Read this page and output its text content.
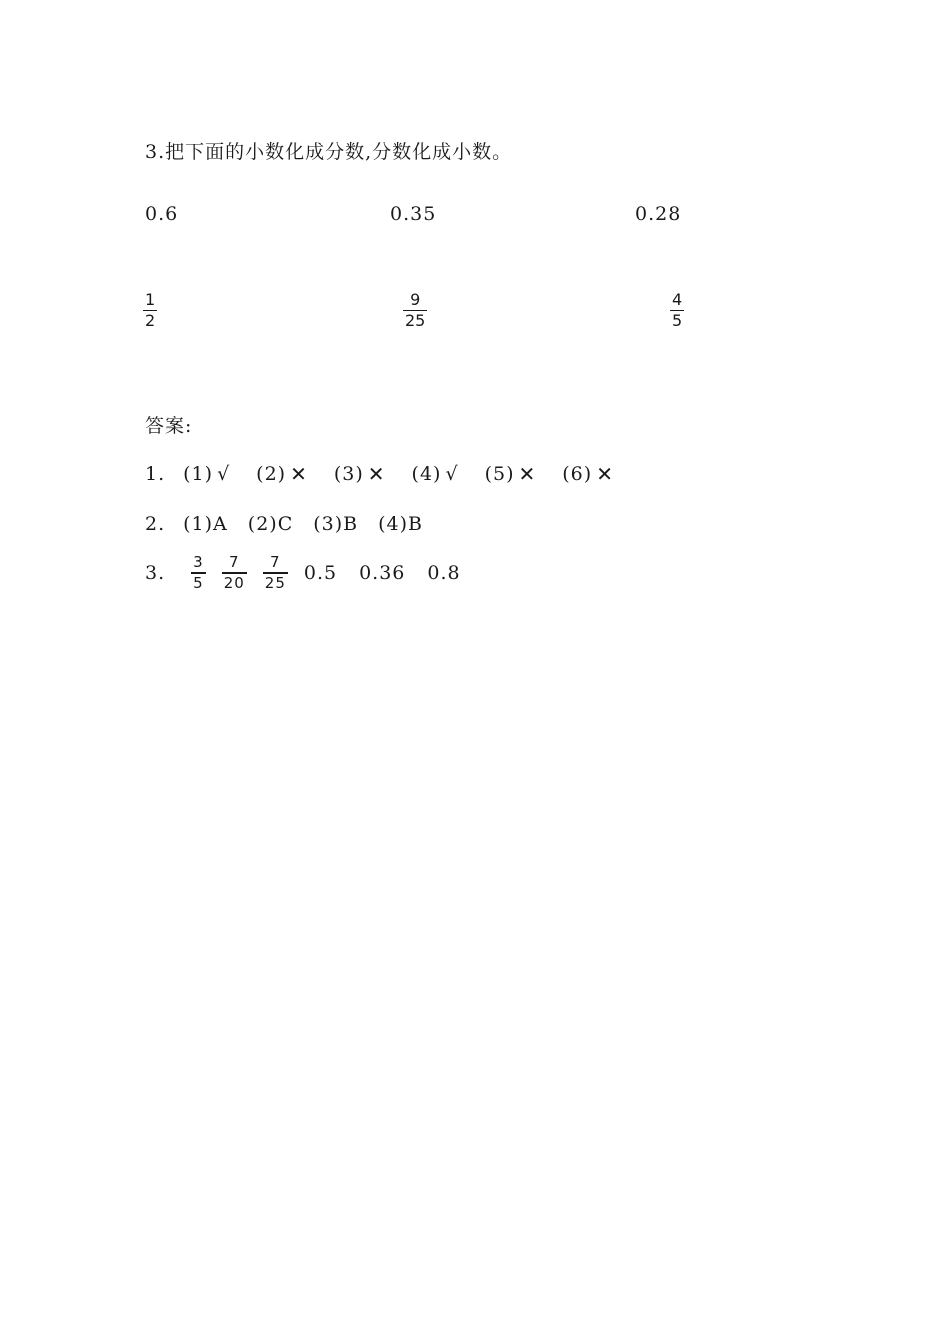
3.把下面的小数化成分数,分数化成小数。
0.6	0.35	0.28
1
2
9
25
4
5
答案:
1. (1) √ (2) ✕ (3) ✕ (4) √ (5) ✕ (6) ✕
2. (1)A (2)C (3)B (4)B
3. $\frac{3}{5} \frac{7}{20} \frac{7}{25} 0.5$ 0.36 0.8
